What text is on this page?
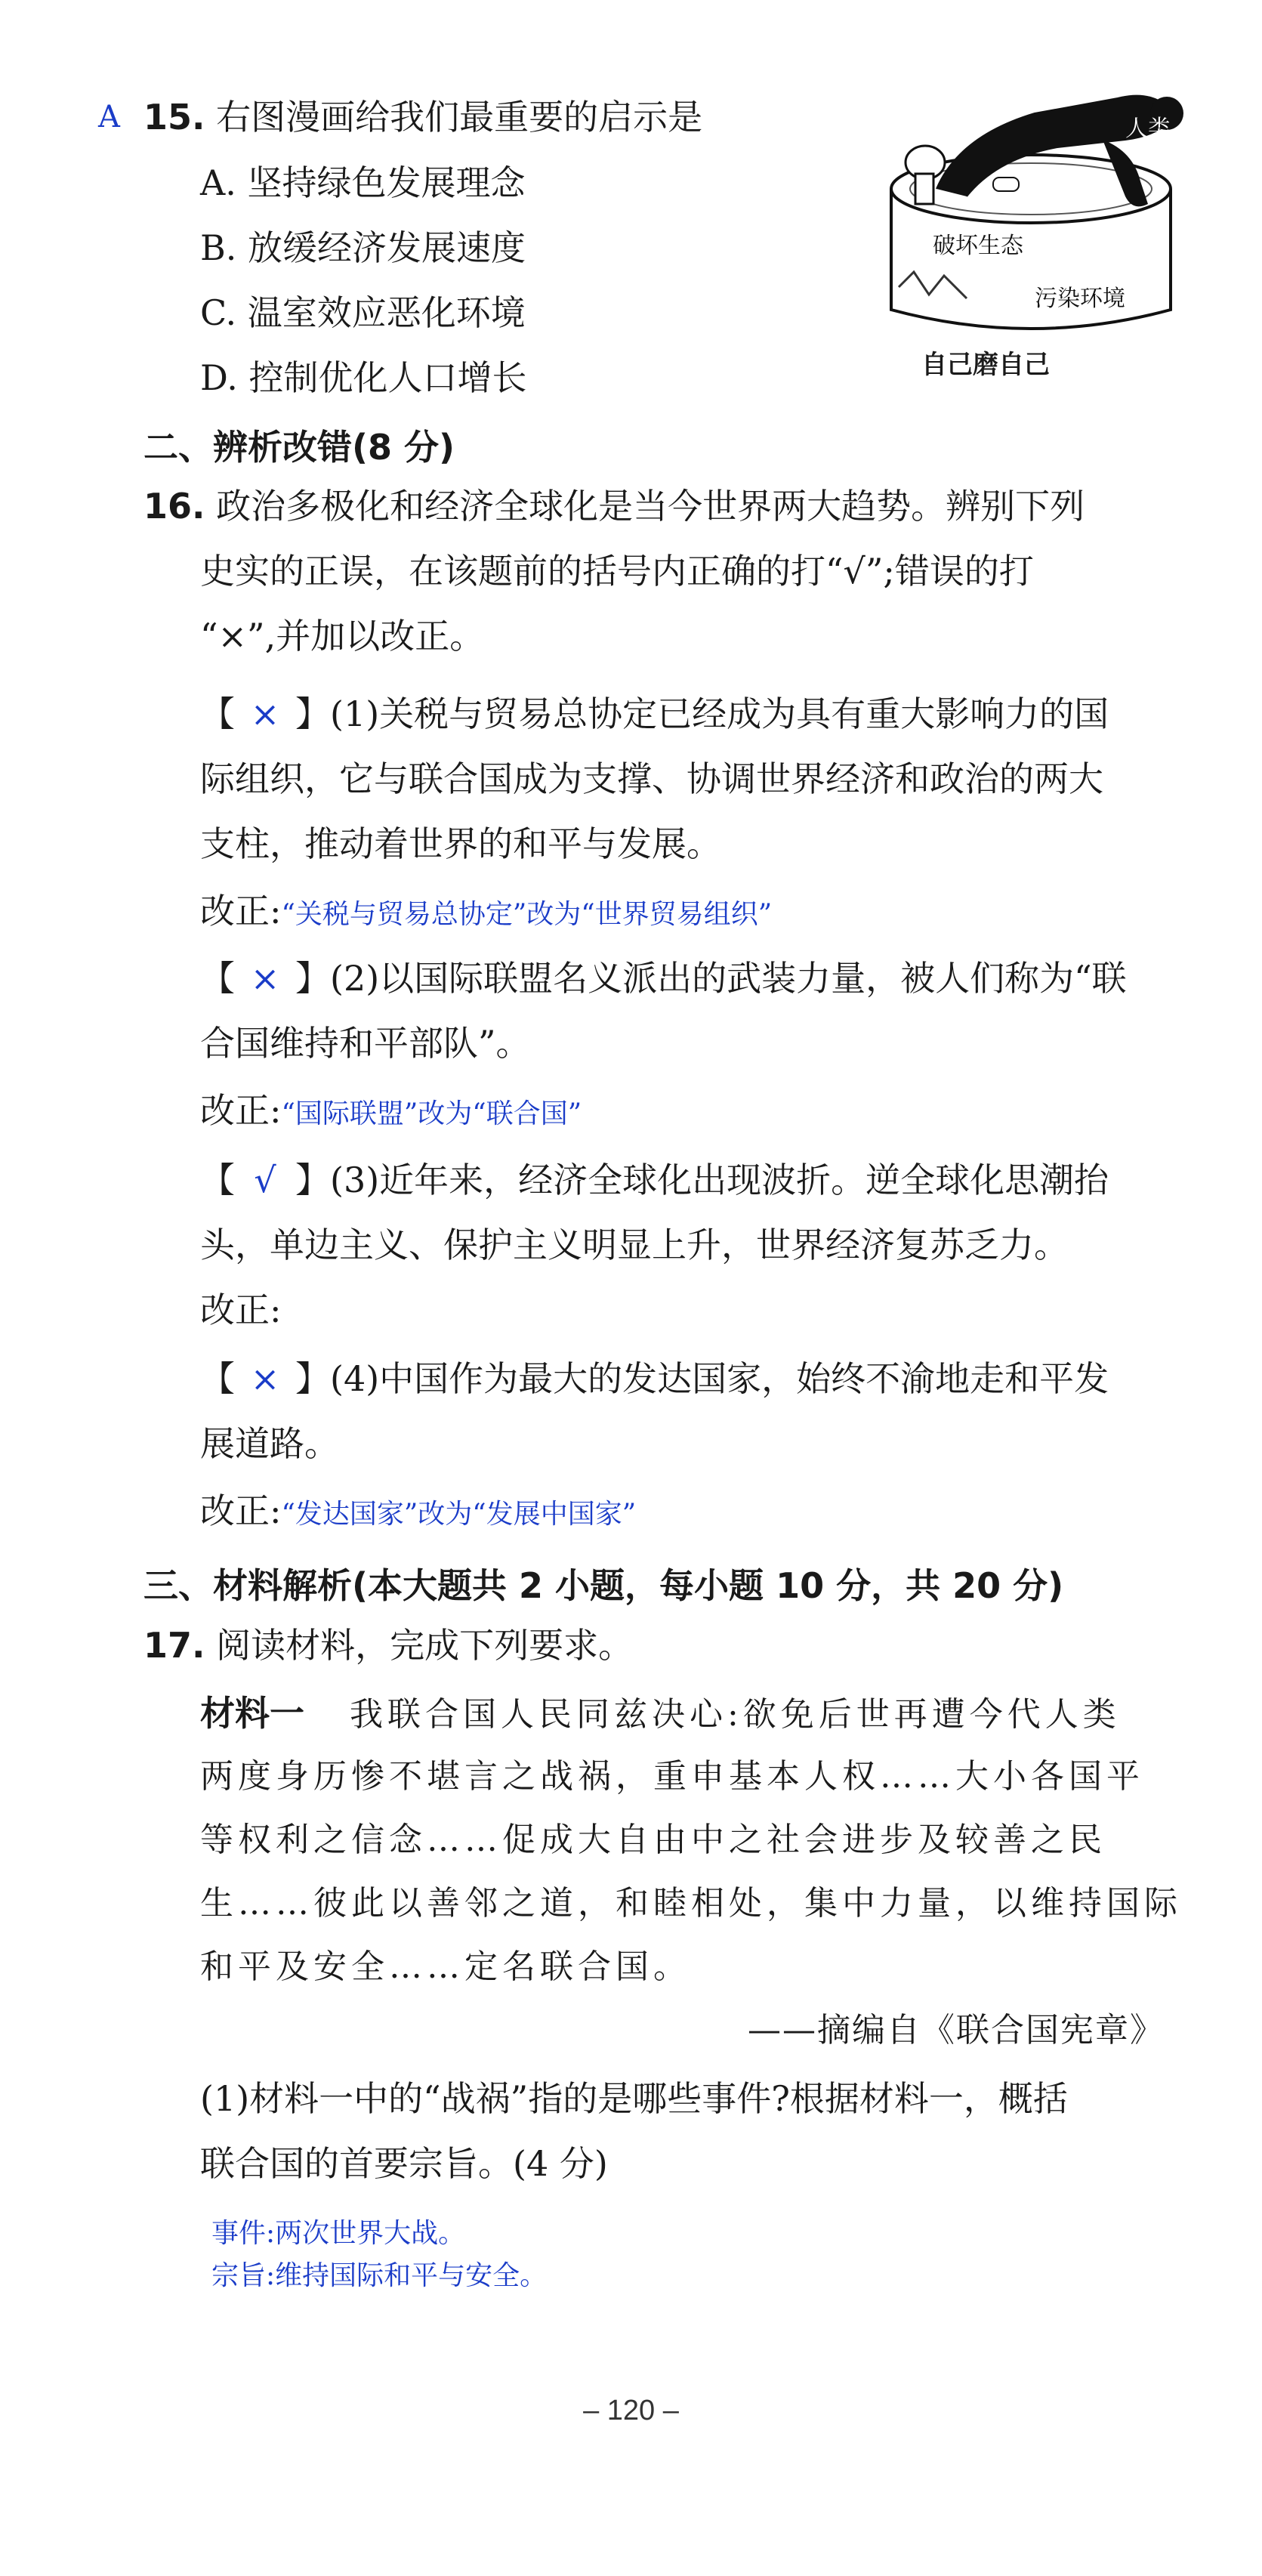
A 15. 右图漫画给我们最重要的启示是
A. 坚持绿色发展理念
B. 放缓经济发展速度
C. 温室效应恶化环境
D. 控制优化人口增长
人类
破坏生态
污染环境
自己磨自己
二、辨析改错(8 分)
16. 政治多极化和经济全球化是当今世界两大趋势。辨别下列
史实的正误，在该题前的括号内正确的打“√”;错误的打
“×”,并加以改正。
【 × 】(1)关税与贸易总协定已经成为具有重大影响力的国
际组织，它与联合国成为支撑、协调世界经济和政治的两大
支柱，推动着世界的和平与发展。
改正:“关税与贸易总协定”改为“世界贸易组织”
【 × 】(2)以国际联盟名义派出的武装力量，被人们称为“联
合国维持和平部队”。
改正:“国际联盟”改为“联合国”
【 √ 】(3)近年来，经济全球化出现波折。逆全球化思潮抬
头，单边主义、保护主义明显上升，世界经济复苏乏力。
改正:
【 × 】(4)中国作为最大的发达国家，始终不渝地走和平发
展道路。
改正:“发达国家”改为“发展中国家”
三、材料解析(本大题共 2 小题，每小题 10 分，共 20 分)
17. 阅读材料，完成下列要求。
材料一 我联合国人民同兹决心:欲免后世再遭今代人类
两度身历惨不堪言之战祸，重申基本人权……大小各国平
等权利之信念……促成大自由中之社会进步及较善之民
生……彼此以善邻之道，和睦相处，集中力量，以维持国际
和平及安全……定名联合国。
——摘编自《联合国宪章》
(1)材料一中的“战祸”指的是哪些事件?根据材料一，概括
联合国的首要宗旨。(4 分)
事件:两次世界大战。
宗旨:维持国际和平与安全。
– 120 –
